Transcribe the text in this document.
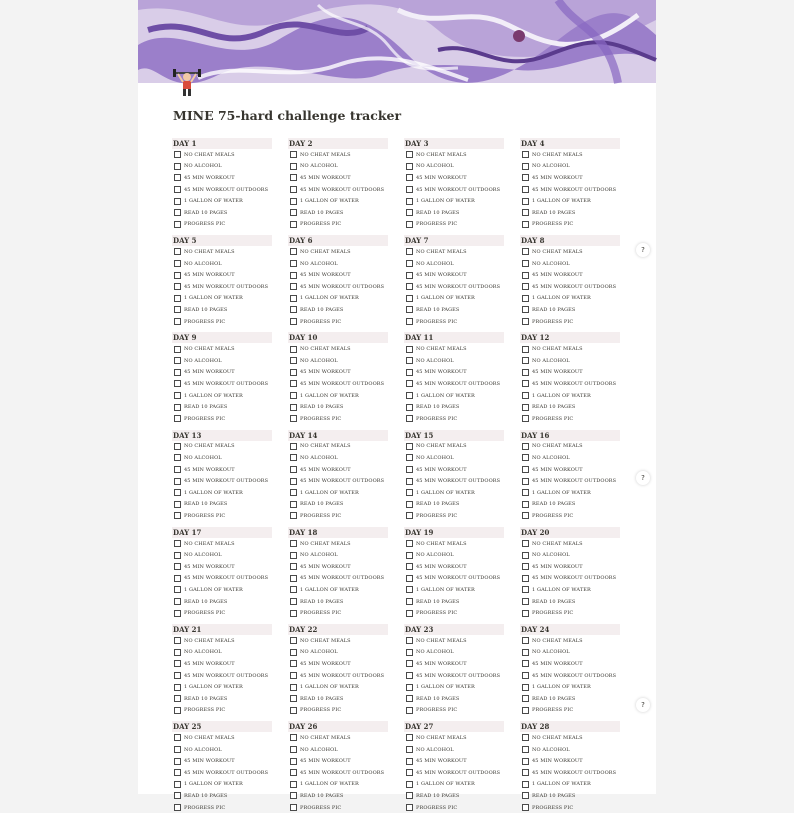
MINE 75-hard challenge tracker
DAY 1
NO CHEAT MEALS
NO ALCOHOL
45 MIN WORKOUT
45 MIN WORKOUT OUTDOORS
1 GALLON OF WATER
READ 10 PAGES
PROGRESS PIC
DAY 2
NO CHEAT MEALS
NO ALCOHOL
45 MIN WORKOUT
45 MIN WORKOUT OUTDOORS
1 GALLON OF WATER
READ 10 PAGES
PROGRESS PIC
DAY 3
NO CHEAT MEALS
NO ALCOHOL
45 MIN WORKOUT
45 MIN WORKOUT OUTDOORS
1 GALLON OF WATER
READ 10 PAGES
PROGRESS PIC
DAY 4
NO CHEAT MEALS
NO ALCOHOL
45 MIN WORKOUT
45 MIN WORKOUT OUTDOORS
1 GALLON OF WATER
READ 10 PAGES
PROGRESS PIC
DAY 5
NO CHEAT MEALS
NO ALCOHOL
45 MIN WORKOUT
45 MIN WORKOUT OUTDOORS
1 GALLON OF WATER
READ 10 PAGES
PROGRESS PIC
DAY 6
NO CHEAT MEALS
NO ALCOHOL
45 MIN WORKOUT
45 MIN WORKOUT OUTDOORS
1 GALLON OF WATER
READ 10 PAGES
PROGRESS PIC
DAY 7
NO CHEAT MEALS
NO ALCOHOL
45 MIN WORKOUT
45 MIN WORKOUT OUTDOORS
1 GALLON OF WATER
READ 10 PAGES
PROGRESS PIC
DAY 8
NO CHEAT MEALS
NO ALCOHOL
45 MIN WORKOUT
45 MIN WORKOUT OUTDOORS
1 GALLON OF WATER
READ 10 PAGES
PROGRESS PIC
DAY 9
NO CHEAT MEALS
NO ALCOHOL
45 MIN WORKOUT
45 MIN WORKOUT OUTDOORS
1 GALLON OF WATER
READ 10 PAGES
PROGRESS PIC
DAY 10
NO CHEAT MEALS
NO ALCOHOL
45 MIN WORKOUT
45 MIN WORKOUT OUTDOORS
1 GALLON OF WATER
READ 10 PAGES
PROGRESS PIC
DAY 11
NO CHEAT MEALS
NO ALCOHOL
45 MIN WORKOUT
45 MIN WORKOUT OUTDOORS
1 GALLON OF WATER
READ 10 PAGES
PROGRESS PIC
DAY 12
NO CHEAT MEALS
NO ALCOHOL
45 MIN WORKOUT
45 MIN WORKOUT OUTDOORS
1 GALLON OF WATER
READ 10 PAGES
PROGRESS PIC
DAY 13
NO CHEAT MEALS
NO ALCOHOL
45 MIN WORKOUT
45 MIN WORKOUT OUTDOORS
1 GALLON OF WATER
READ 10 PAGES
PROGRESS PIC
DAY 14
NO CHEAT MEALS
NO ALCOHOL
45 MIN WORKOUT
45 MIN WORKOUT OUTDOORS
1 GALLON OF WATER
READ 10 PAGES
PROGRESS PIC
DAY 15
NO CHEAT MEALS
NO ALCOHOL
45 MIN WORKOUT
45 MIN WORKOUT OUTDOORS
1 GALLON OF WATER
READ 10 PAGES
PROGRESS PIC
DAY 16
NO CHEAT MEALS
NO ALCOHOL
45 MIN WORKOUT
45 MIN WORKOUT OUTDOORS
1 GALLON OF WATER
READ 10 PAGES
PROGRESS PIC
DAY 17
NO CHEAT MEALS
NO ALCOHOL
45 MIN WORKOUT
45 MIN WORKOUT OUTDOORS
1 GALLON OF WATER
READ 10 PAGES
PROGRESS PIC
DAY 18
NO CHEAT MEALS
NO ALCOHOL
45 MIN WORKOUT
45 MIN WORKOUT OUTDOORS
1 GALLON OF WATER
READ 10 PAGES
PROGRESS PIC
DAY 19
NO CHEAT MEALS
NO ALCOHOL
45 MIN WORKOUT
45 MIN WORKOUT OUTDOORS
1 GALLON OF WATER
READ 10 PAGES
PROGRESS PIC
DAY 20
NO CHEAT MEALS
NO ALCOHOL
45 MIN WORKOUT
45 MIN WORKOUT OUTDOORS
1 GALLON OF WATER
READ 10 PAGES
PROGRESS PIC
DAY 21
NO CHEAT MEALS
NO ALCOHOL
45 MIN WORKOUT
45 MIN WORKOUT OUTDOORS
1 GALLON OF WATER
READ 10 PAGES
PROGRESS PIC
DAY 22
NO CHEAT MEALS
NO ALCOHOL
45 MIN WORKOUT
45 MIN WORKOUT OUTDOORS
1 GALLON OF WATER
READ 10 PAGES
PROGRESS PIC
DAY 23
NO CHEAT MEALS
NO ALCOHOL
45 MIN WORKOUT
45 MIN WORKOUT OUTDOORS
1 GALLON OF WATER
READ 10 PAGES
PROGRESS PIC
DAY 24
NO CHEAT MEALS
NO ALCOHOL
45 MIN WORKOUT
45 MIN WORKOUT OUTDOORS
1 GALLON OF WATER
READ 10 PAGES
PROGRESS PIC
DAY 25
NO CHEAT MEALS
NO ALCOHOL
45 MIN WORKOUT
45 MIN WORKOUT OUTDOORS
1 GALLON OF WATER
READ 10 PAGES
PROGRESS PIC
DAY 26
NO CHEAT MEALS
NO ALCOHOL
45 MIN WORKOUT
45 MIN WORKOUT OUTDOORS
1 GALLON OF WATER
READ 10 PAGES
PROGRESS PIC
DAY 27
NO CHEAT MEALS
NO ALCOHOL
45 MIN WORKOUT
45 MIN WORKOUT OUTDOORS
1 GALLON OF WATER
READ 10 PAGES
PROGRESS PIC
DAY 28
NO CHEAT MEALS
NO ALCOHOL
45 MIN WORKOUT
45 MIN WORKOUT OUTDOORS
1 GALLON OF WATER
READ 10 PAGES
PROGRESS PIC
?
?
?
